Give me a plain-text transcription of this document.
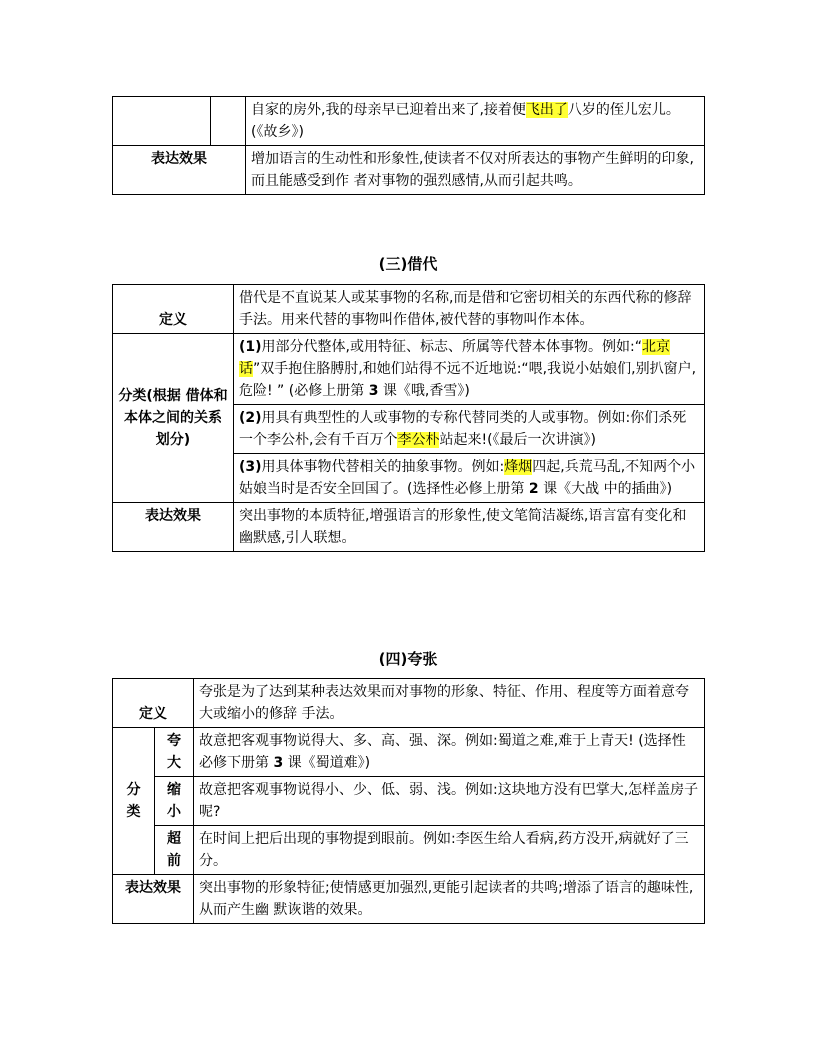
		自家的房外,我的母亲早已迎着出来了,接着便飞出了八岁的侄儿宏儿。(《故乡》)
表达效果		增加语言的生动性和形象性,使读者不仅对所表达的事物产生鲜明的印象,而且能感受到作 者对事物的强烈感情,从而引起共鸣。
(三)借代
定义	借代是不直说某人或某事物的名称,而是借和它密切相关的东西代称的修辞手法。用来代替的事物叫作借体,被代替的事物叫作本体。
分类(根据 借体和本体之间的关系 划分)	(1)用部分代整体,或用特征、标志、所属等代替本体事物。例如:“北京话”双手抱住胳膊肘,和她们站得不远不近地说:“喂,我说小姑娘们,别扒窗户,危险! ” (必修上册第 3 课《哦,香雪》)
	(2)用具有典型性的人或事物的专称代替同类的人或事物。例如:你们杀死一个李公朴,会有千百万个李公朴站起来!(《最后一次讲演》)
	(3)用具体事物代替相关的抽象事物。例如:烽烟四起,兵荒马乱,不知两个小姑娘当时是否安全回国了。(选择性必修上册第 2 课《大战 中的插曲》)
表达效果	突出事物的本质特征,增强语言的形象性,使文笔简洁凝练,语言富有变化和幽默感,引人联想。
(四)夸张
定义		夸张是为了达到某种表达效果而对事物的形象、特征、作用、程度等方面着意夸大或缩小的修辞 手法。
分类	夸大	故意把客观事物说得大、多、高、强、深。例如:蜀道之难,难于上青天! (选择性必修下册第 3 课《蜀道难》)
	缩小	故意把客观事物说得小、少、低、弱、浅。例如:这块地方没有巴掌大,怎样盖房子呢?
	超前	在时间上把后出现的事物提到眼前。例如:李医生给人看病,药方没开,病就好了三分。
表达效果		突出事物的形象特征;使情感更加强烈,更能引起读者的共鸣;增添了语言的趣味性,从而产生幽 默诙谐的效果。
